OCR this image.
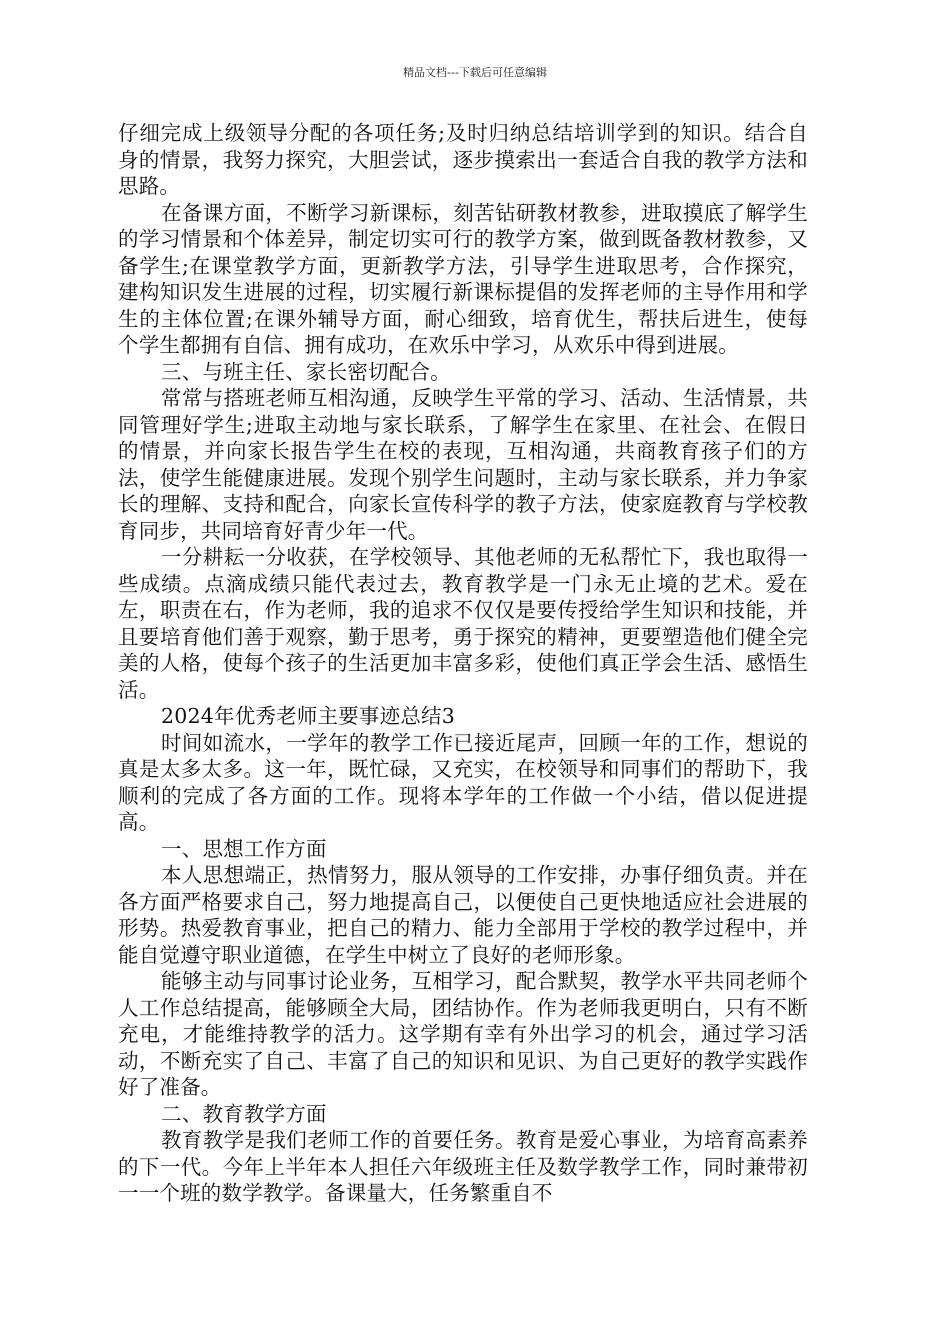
精品文档---下载后可任意编辑

仔细完成上级领导分配的各项任务;及时归纳总结培训学到的知识。结合自身的情景，我努力探究，大胆尝试，逐步摸索出一套适合自我的教学方法和思路。

在备课方面，不断学习新课标，刻苦钻研教材教参，进取摸底了解学生的学习情景和个体差异，制定切实可行的教学方案，做到既备教材教参，又备学生;在课堂教学方面，更新教学方法，引导学生进取思考，合作探究，建构知识发生进展的过程，切实履行新课标提倡的发挥老师的主导作用和学生的主体位置;在课外辅导方面，耐心细致，培育优生，帮扶后进生，使每个学生都拥有自信、拥有成功，在欢乐中学习，从欢乐中得到进展。

三、与班主任、家长密切配合。

常常与搭班老师互相沟通，反映学生平常的学习、活动、生活情景，共同管理好学生;进取主动地与家长联系，了解学生在家里、在社会、在假日的情景，并向家长报告学生在校的表现，互相沟通，共商教育孩子们的方法，使学生能健康进展。发现个别学生问题时，主动与家长联系，并力争家长的理解、支持和配合，向家长宣传科学的教子方法，使家庭教育与学校教育同步，共同培育好青少年一代。

一分耕耘一分收获，在学校领导、其他老师的无私帮忙下，我也取得一些成绩。点滴成绩只能代表过去，教育教学是一门永无止境的艺术。爱在左，职责在右，作为老师，我的追求不仅仅是要传授给学生知识和技能，并且要培育他们善于观察，勤于思考，勇于探究的精神，更要塑造他们健全完美的人格，使每个孩子的生活更加丰富多彩，使他们真正学会生活、感悟生活。

2024年优秀老师主要事迹总结3

时间如流水，一学年的教学工作已接近尾声，回顾一年的工作，想说的真是太多太多。这一年，既忙碌，又充实，在校领导和同事们的帮助下，我顺利的完成了各方面的工作。现将本学年的工作做一个小结，借以促进提高。

一、思想工作方面

本人思想端正，热情努力，服从领导的工作安排，办事仔细负责。并在各方面严格要求自己，努力地提高自己，以便使自己更快地适应社会进展的形势。热爱教育事业，把自己的精力、能力全部用于学校的教学过程中，并能自觉遵守职业道德，在学生中树立了良好的老师形象。

能够主动与同事讨论业务，互相学习，配合默契，教学水平共同老师个人工作总结提高，能够顾全大局，团结协作。作为老师我更明白，只有不断充电，才能维持教学的活力。这学期有幸有外出学习的机会，通过学习活动，不断充实了自己、丰富了自己的知识和见识、为自己更好的教学实践作好了准备。

二、教育教学方面

教育教学是我们老师工作的首要任务。教育是爱心事业，为培育高素养的下一代。今年上半年本人担任六年级班主任及数学教学工作，同时兼带初一一个班的数学教学。备课量大，任务繁重自不
